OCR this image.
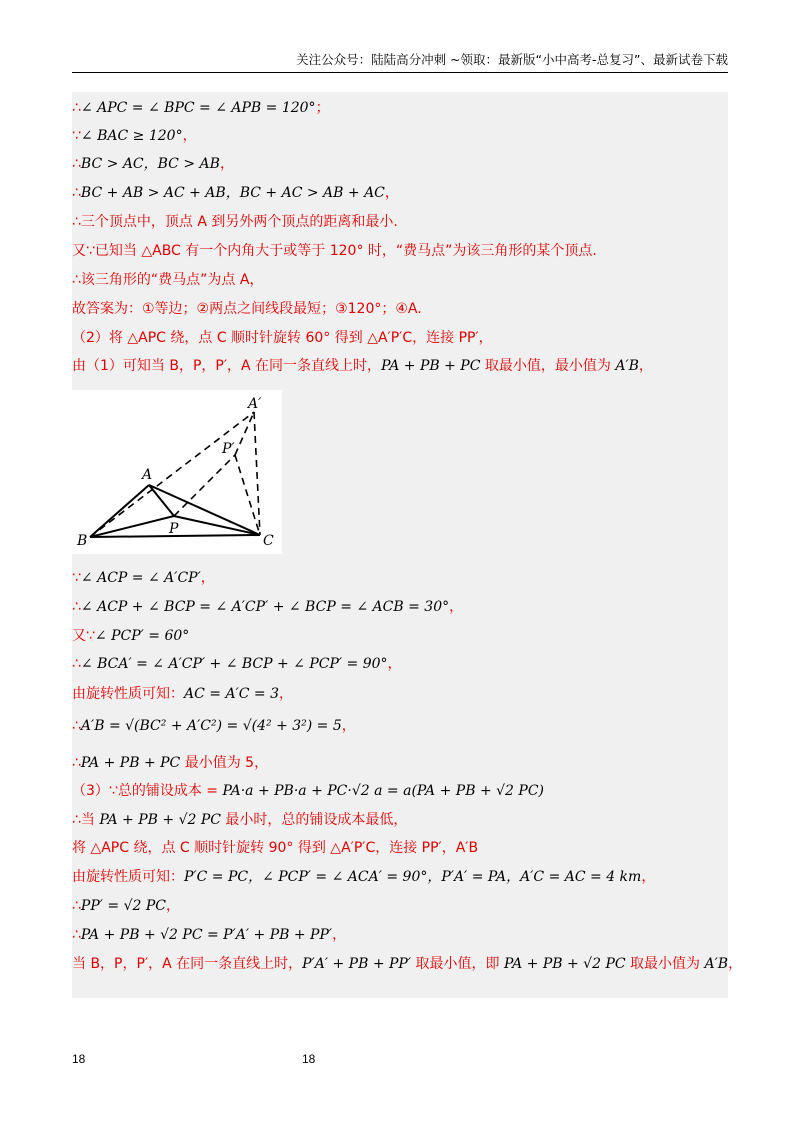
关注公众号：陆陆高分冲刺 ~领取：最新版“小中高考-总复习”、最新试卷下载
∴∠ APC = ∠ BPC = ∠ APB = 120°；
∵∠ BAC ≥ 120°，
∴BC > AC，BC > AB，
∴BC + AB > AC + AB，BC + AC > AB + AC，
∴三个顶点中，顶点 A 到另外两个顶点的距离和最小.
又∵已知当 △ABC 有一个内角大于或等于 120° 时，“费马点”为该三角形的某个顶点.
∴该三角形的“费马点”为点 A，
故答案为：①等边；②两点之间线段最短；③120°；④A.
（2）将 △APC 绕，点 C 顺时针旋转 60° 得到 △A′P′C，连接 PP′，
由（1）可知当 B，P，P′，A 在同一条直线上时，PA + PB + PC 取最小值，最小值为 A′B，
∵∠ ACP = ∠ A′CP′，
∴∠ ACP + ∠ BCP = ∠ A′CP′ + ∠ BCP = ∠ ACB = 30°，
又∵∠ PCP′ = 60°
∴∠ BCA′ = ∠ A′CP′ + ∠ BCP + ∠ PCP′ = 90°，
由旋转性质可知：AC = A′C = 3，
∴A′B = √(BC² + A′C²) = √(4² + 3²) = 5，
∴PA + PB + PC 最小值为 5，
（3）∵总的铺设成本 = PA·a + PB·a + PC·√2 a = a(PA + PB + √2 PC)
∴当 PA + PB + √2 PC 最小时，总的铺设成本最低，
将 △APC 绕，点 C 顺时针旋转 90° 得到 △A′P′C，连接 PP′，A′B
由旋转性质可知：P′C = PC，∠ PCP′ = ∠ ACA′ = 90°，P′A′ = PA，A′C = AC = 4 km，
∴PP′ = √2 PC，
∴PA + PB + √2 PC = P′A′ + PB + PP′，
当 B，P，P′，A 在同一条直线上时，P′A′ + PB + PP′ 取最小值，即 PA + PB + √2 PC 取最小值为 A′B，
A′
P′
A
P
B	C
18	18
